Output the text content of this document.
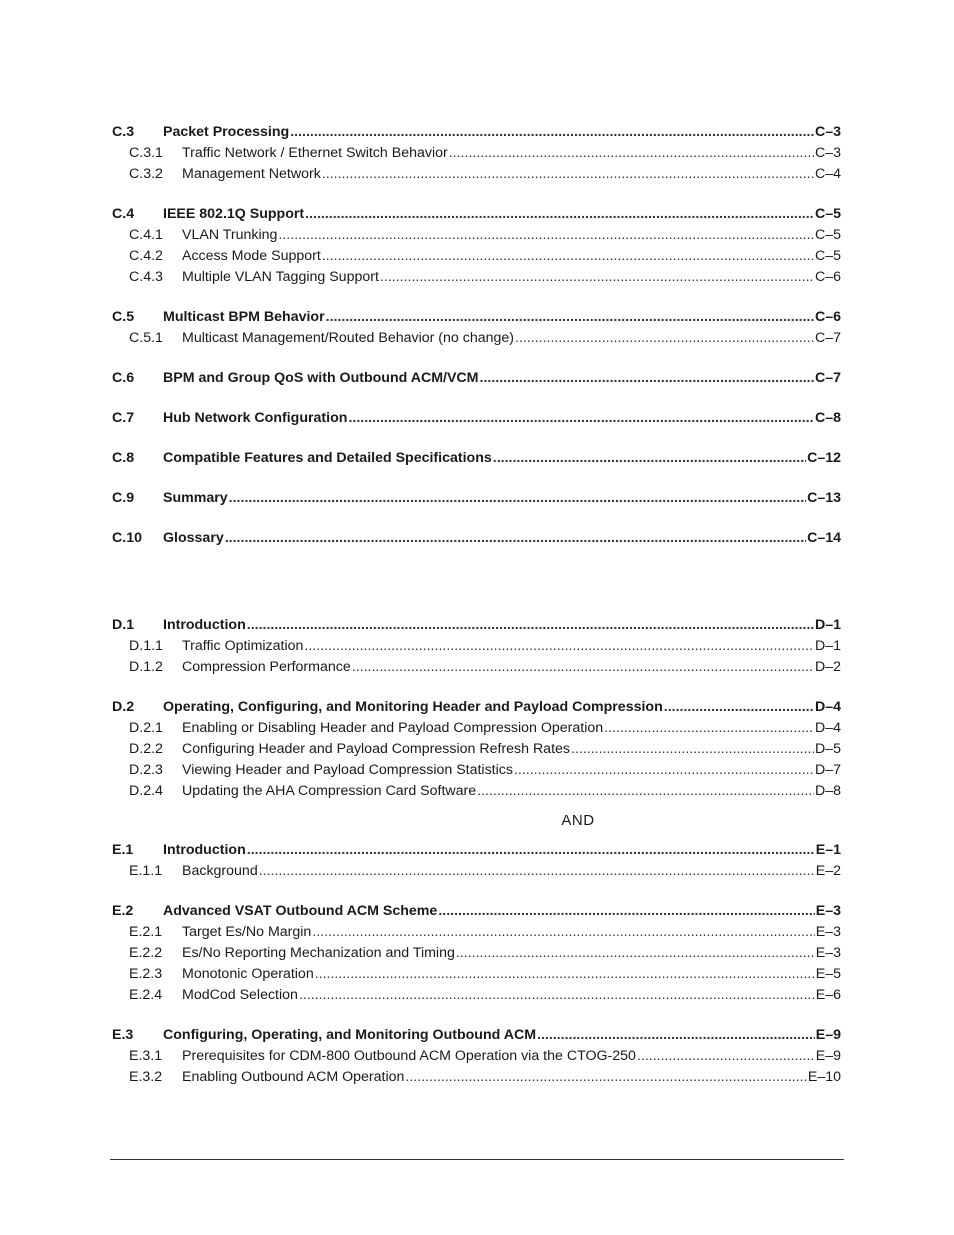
C.3	Packet Processing .....	C–3
C.3.1	Traffic Network / Ethernet Switch Behavior .....	C–3
C.3.2	Management Network .....	C–4
C.4	IEEE 802.1Q Support .....	C–5
C.4.1	VLAN Trunking .....	C–5
C.4.2	Access Mode Support .....	C–5
C.4.3	Multiple VLAN Tagging Support .....	C–6
C.5	Multicast BPM Behavior .....	C–6
C.5.1	Multicast Management/Routed Behavior (no change) .....	C–7
C.6	BPM and Group QoS with Outbound ACM/VCM .....	C–7
C.7	Hub Network Configuration .....	C–8
C.8	Compatible Features and Detailed Specifications .....	C–12
C.9	Summary .....	C–13
C.10	Glossary .....	C–14
D.1	Introduction .....	D–1
D.1.1	Traffic Optimization .....	D–1
D.1.2	Compression Performance .....	D–2
D.2	Operating, Configuring, and Monitoring Header and Payload Compression .....	D–4
D.2.1	Enabling or Disabling Header and Payload Compression Operation .....	D–4
D.2.2	Configuring Header and Payload Compression Refresh Rates .....	D–5
D.2.3	Viewing Header and Payload Compression Statistics .....	D–7
D.2.4	Updating the AHA Compression Card Software .....	D–8
AND
E.1	Introduction .....	E–1
E.1.1	Background .....	E–2
E.2	Advanced VSAT Outbound ACM Scheme .....	E–3
E.2.1	Target Es/No Margin .....	E–3
E.2.2	Es/No Reporting Mechanization and Timing .....	E–3
E.2.3	Monotonic Operation .....	E–5
E.2.4	ModCod Selection .....	E–6
E.3	Configuring, Operating, and Monitoring Outbound ACM .....	E–9
E.3.1	Prerequisites for CDM-800 Outbound ACM Operation via the CTOG-250 .....	E–9
E.3.2	Enabling Outbound ACM Operation .....	E–10
